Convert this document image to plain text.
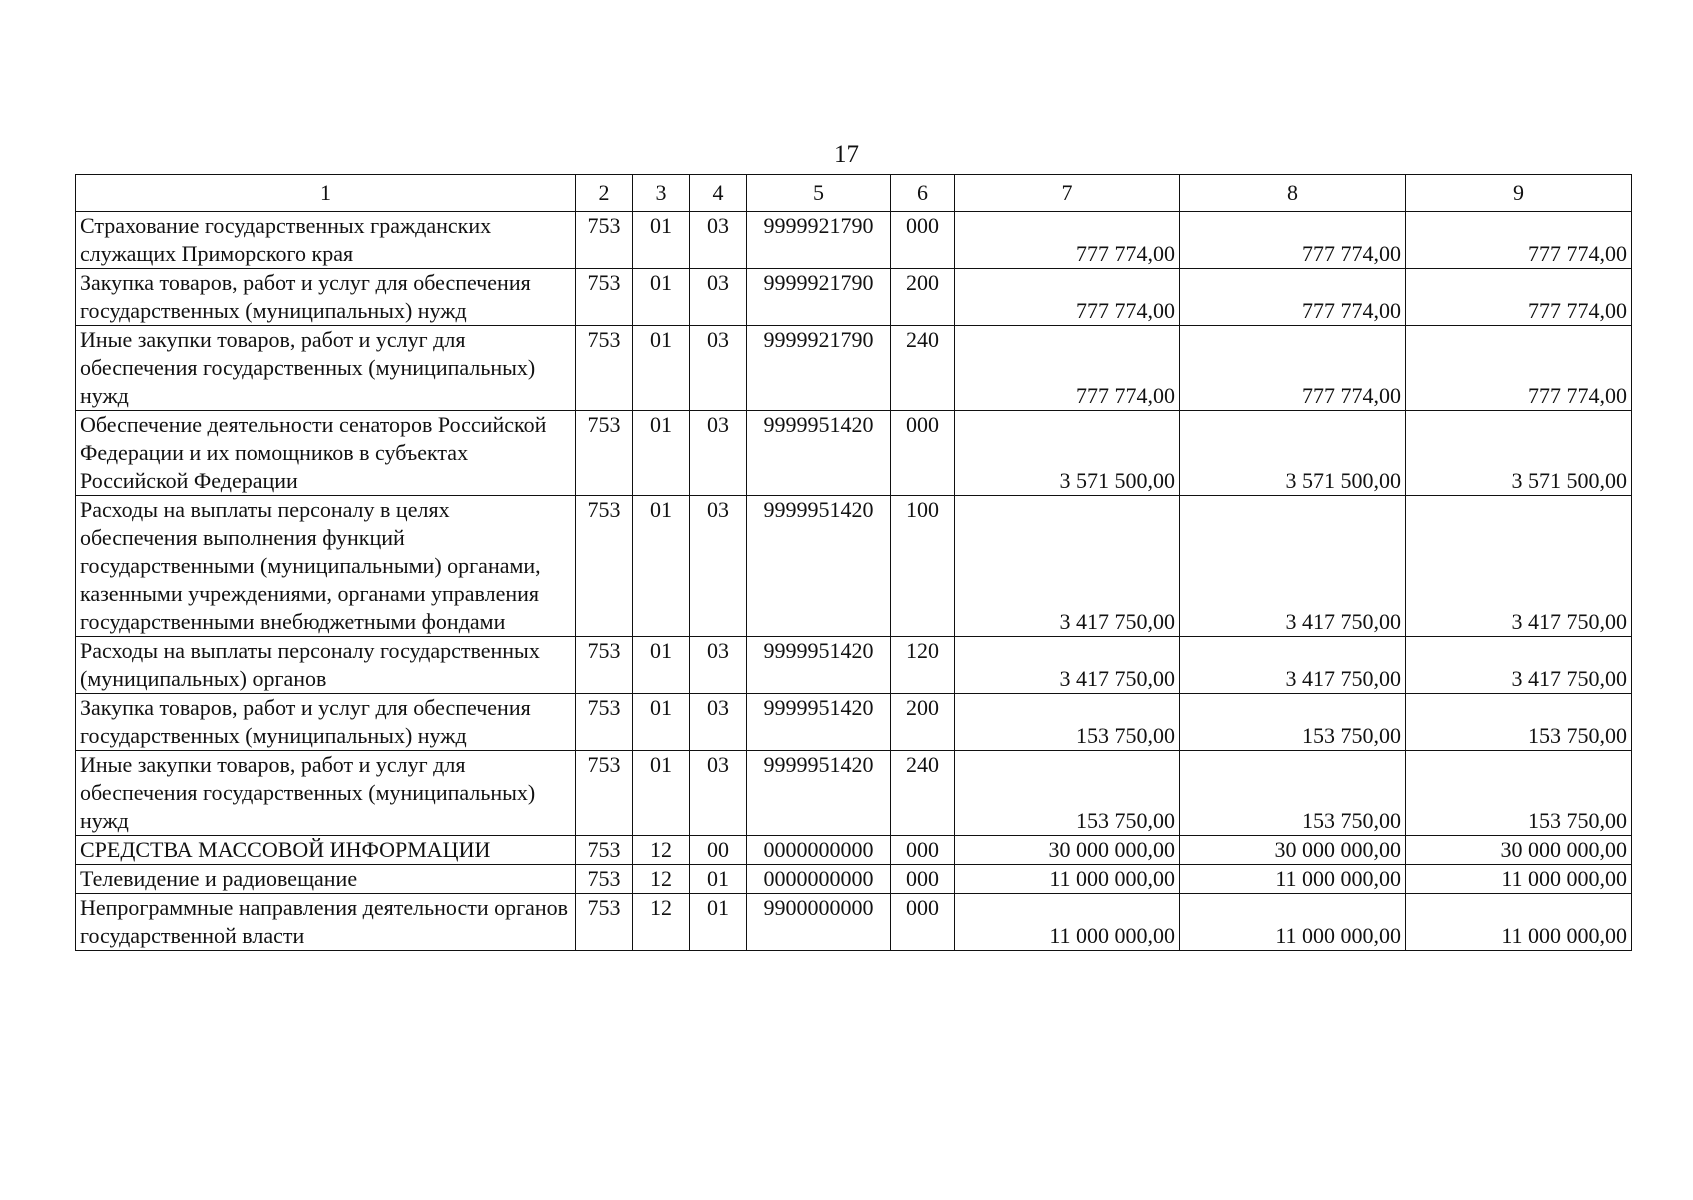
17
1	2	3	4	5	6	7	8	9
Страхование государственных гражданских служащих Приморского края	753	01	03	9999921790	000	777 774,00	777 774,00	777 774,00
Закупка товаров, работ и услуг для обеспечения государственных (муниципальных) нужд	753	01	03	9999921790	200	777 774,00	777 774,00	777 774,00
Иные закупки товаров, работ и услуг для обеспечения государственных (муниципальных) нужд	753	01	03	9999921790	240	777 774,00	777 774,00	777 774,00
Обеспечение деятельности сенаторов Российской Федерации и их помощников в субъектах Российской Федерации	753	01	03	9999951420	000	3 571 500,00	3 571 500,00	3 571 500,00
Расходы на выплаты персоналу в целях обеспечения выполнения функций государственными (муниципальными) органами, казенными учреждениями, органами управления государственными внебюджетными фондами	753	01	03	9999951420	100	3 417 750,00	3 417 750,00	3 417 750,00
Расходы на выплаты персоналу государственных (муниципальных) органов	753	01	03	9999951420	120	3 417 750,00	3 417 750,00	3 417 750,00
Закупка товаров, работ и услуг для обеспечения государственных (муниципальных) нужд	753	01	03	9999951420	200	153 750,00	153 750,00	153 750,00
Иные закупки товаров, работ и услуг для обеспечения государственных (муниципальных) нужд	753	01	03	9999951420	240	153 750,00	153 750,00	153 750,00
СРЕДСТВА МАССОВОЙ ИНФОРМАЦИИ	753	12	00	0000000000	000	30 000 000,00	30 000 000,00	30 000 000,00
Телевидение и радиовещание	753	12	01	0000000000	000	11 000 000,00	11 000 000,00	11 000 000,00
Непрограммные направления деятельности органов государственной власти	753	12	01	9900000000	000	11 000 000,00	11 000 000,00	11 000 000,00
